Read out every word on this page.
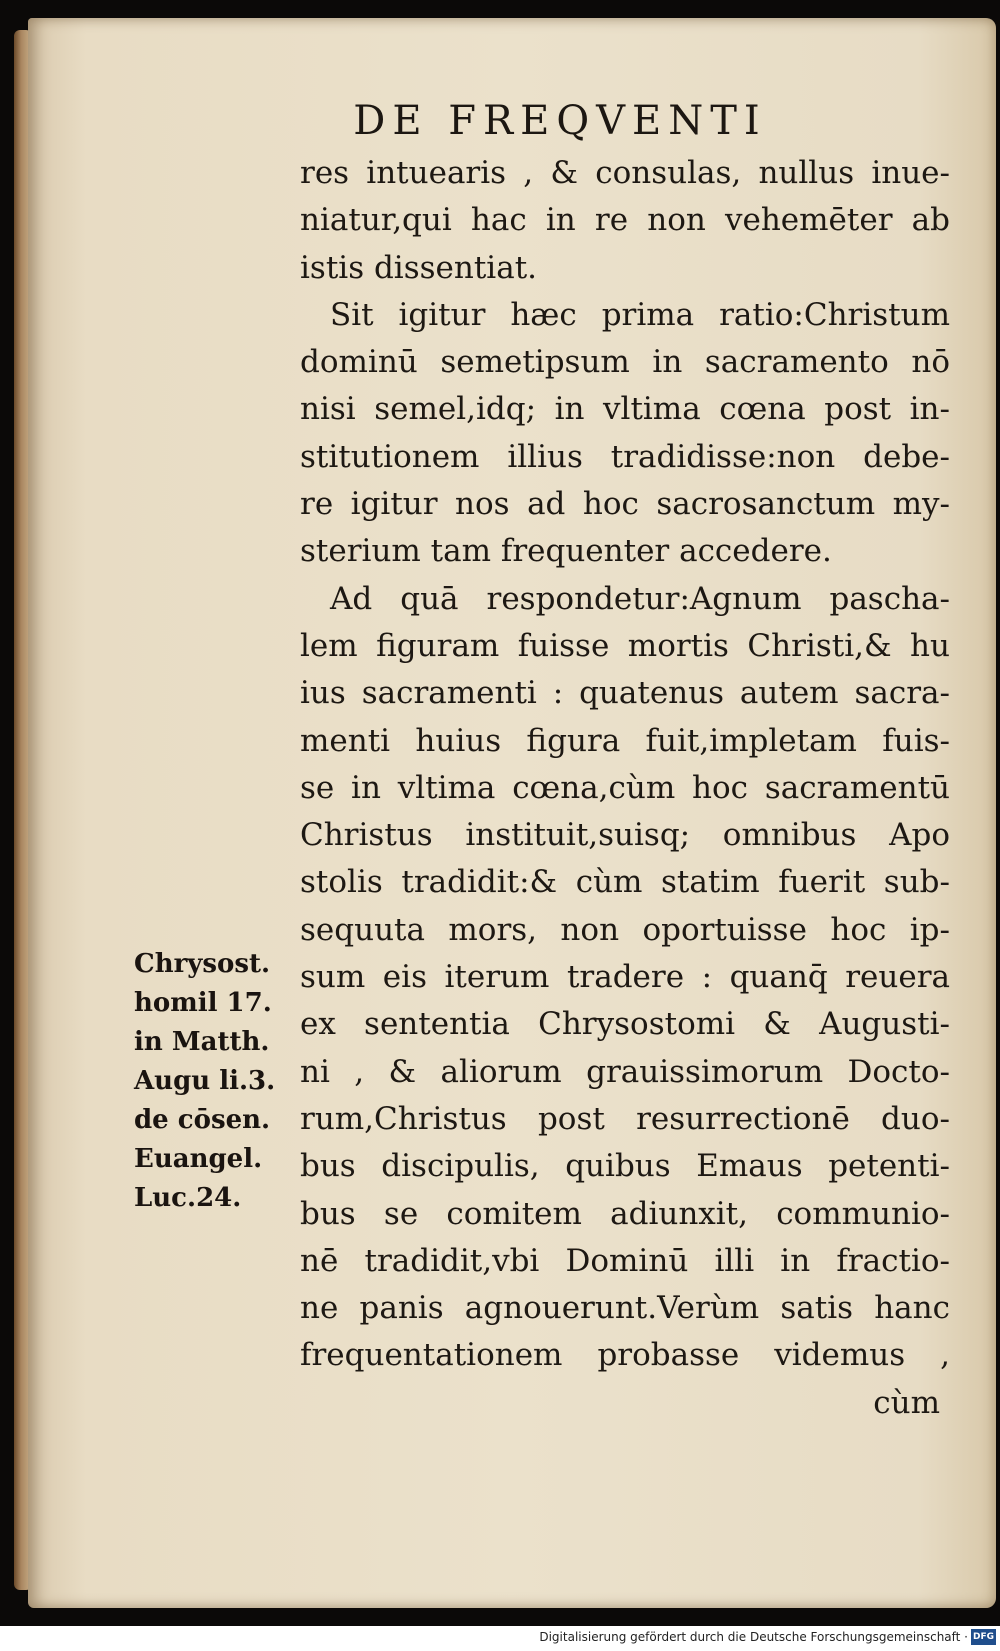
DE FREQVENTI
res intuearis , & consulas, nullus inue-
niatur,qui hac in re non vehemēter ab
istis dissentiat.
Sit igitur hæc prima ratio:Christum
dominū semetipsum in sacramento nō
nisi semel,idq; in vltima cœna post in-
stitutionem illius tradidisse:non debe-
re igitur nos ad hoc sacrosanctum my-
sterium tam frequenter accedere.
Ad quā respondetur:Agnum pascha-
lem figuram fuisse mortis Christi,& hu
ius sacramenti : quatenus autem sacra-
menti huius figura fuit,impletam fuis-
se in vltima cœna,cùm hoc sacramentū
Christus instituit,suisq; omnibus Apo
stolis tradidit:& cùm statim fuerit sub-
sequuta mors, non oportuisse hoc ip-
sum eis iterum tradere : quanq̄ reuera
ex sententia Chrysostomi & Augusti-
ni , & aliorum grauissimorum Docto-
rum,Christus post resurrectionē duo-
bus discipulis, quibus Emaus petenti-
bus se comitem adiunxit, communio-
nē tradidit,vbi Dominū illi in fractio-
ne panis agnouerunt.Verùm satis hanc
frequentationem probasse videmus ,
cùm
Chrysost.
homil 17.
in Matth.
Augu li.3.
de cōsen.
Euangel.
Luc.24.
Digitalisierung gefördert durch die Deutsche Forschungsgemeinschaft · DFG
